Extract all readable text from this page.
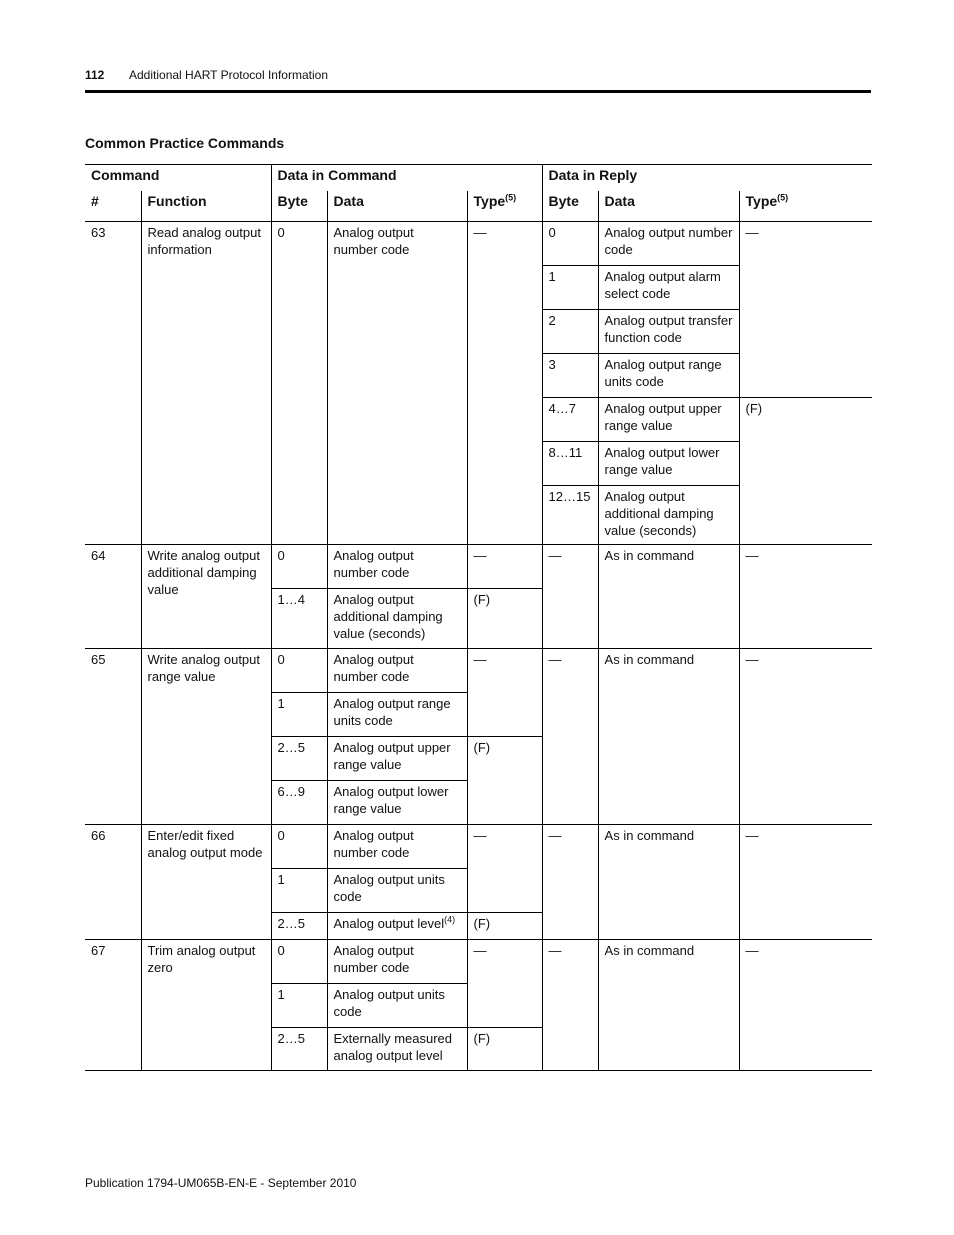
112 Additional HART Protocol Information
Common Practice Commands
Command		Data in Command			Data in Reply		
#	Function	Byte	Data	Type$^{(5)}$	Byte	Data	Type$^{(5)}$
63	Read analog output information	0	Analog output number code	—	0	Analog output number code	—
					1	Analog output alarm select code	
					2	Analog output transfer function code	
					3	Analog output range units code	
					4…7	Analog output upper range value	(F)
					8…11	Analog output lower range value	
					12…15	Analog output additional damping value (seconds)	
64	Write analog output additional damping value	0	Analog output number code	—	—	As in command	—
		1…4	Analog output additional damping value (seconds)	(F)			
65	Write analog output range value	0	Analog output number code	—	—	As in command	—
		1	Analog output range units code				
		2…5	Analog output upper range value	(F)			
		6…9	Analog output lower range value				
66	Enter/edit fixed analog output mode	0	Analog output number code	—	—	As in command	—
		1	Analog output units code				
		2…5	Analog output level$^{(4)}$	(F)			
67	Trim analog output zero	0	Analog output number code	—	—	As in command	—
		1	Analog output units code				
		2…5	Externally measured analog output level	(F)			
Publication 1794-UM065B-EN-E - September 2010
